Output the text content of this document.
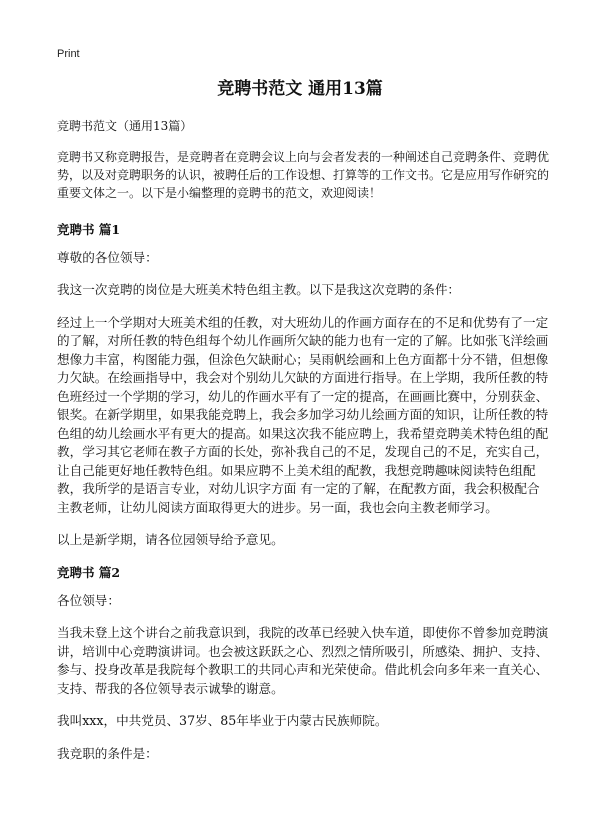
Print
竞聘书范文 通用13篇

竞聘书范文（通用13篇）

竞聘书又称竞聘报告，是竞聘者在竞聘会议上向与会者发表的一种阐述自己竞聘条件、竞聘优势，以及对竞聘职务的认识，被聘任后的工作设想、打算等的工作文书。它是应用写作研究的重要文体之一。以下是小编整理的竞聘书的范文，欢迎阅读！

竞聘书 篇1

尊敬的各位领导：

我这一次竞聘的岗位是大班美术特色组主教。以下是我这次竞聘的条件：

经过上一个学期对大班美术组的任教，对大班幼儿的作画方面存在的不足和优势有了一定的了解，对所任教的特色组每个幼儿作画所欠缺的能力也有一定的了解。比如张飞洋绘画想像力丰富，构图能力强，但涂色欠缺耐心；吴雨帆绘画和上色方面都十分不错，但想像力欠缺。在绘画指导中，我会对个别幼儿欠缺的方面进行指导。在上学期，我所任教的特色班经过一个学期的学习，幼儿的作画水平有了一定的提高，在画画比赛中，分别获金、银奖。在新学期里，如果我能竞聘上，我会多加学习幼儿绘画方面的知识，让所任教的特色组的幼儿绘画水平有更大的提高。如果这次我不能应聘上，我希望竞聘美术特色组的配教，学习其它老师在教子方面的长处，弥补我自己的不足，发现自己的不足，充实自己，让自己能更好地任教特色组。如果应聘不上美术组的配教，我想竞聘趣味阅读特色组配教，我所学的是语言专业，对幼儿识字方面 有一定的了解，在配教方面，我会积极配合主教老师，让幼儿阅读方面取得更大的进步。另一面，我也会向主教老师学习。

以上是新学期，请各位园领导给予意见。

竞聘书 篇2

各位领导：

当我未登上这个讲台之前我意识到，我院的改革已经驶入快车道，即使你不曾参加竞聘演讲，培训中心竞聘演讲词。也会被这跃跃之心、烈烈之情所吸引，所感染、拥护、支持、参与、投身改革是我院每个教职工的共同心声和光荣使命。借此机会向多年来一直关心、支持、帮我的各位领导表示诚挚的谢意。

我叫xxx，中共党员、37岁、85年毕业于内蒙古民族师院。

我竞职的条件是：
